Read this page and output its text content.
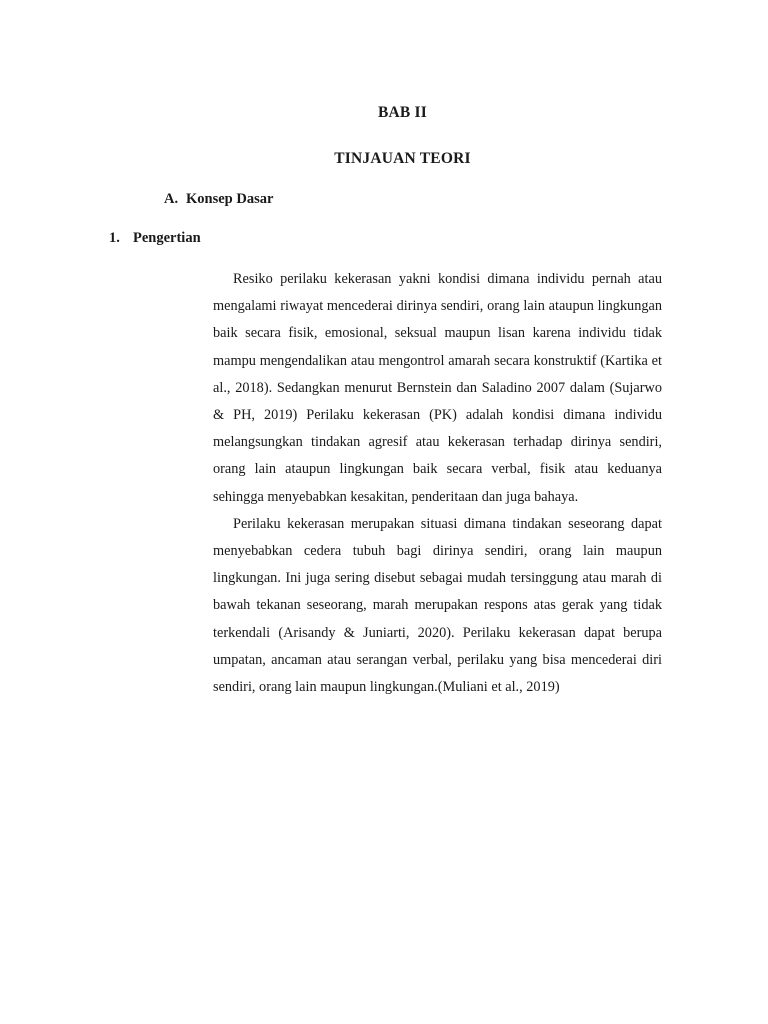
BAB II
TINJAUAN TEORI
A. Konsep Dasar
1. Pengertian

Resiko perilaku kekerasan yakni kondisi dimana individu pernah atau mengalami riwayat mencederai dirinya sendiri, orang lain ataupun lingkungan baik secara fisik, emosional, seksual maupun lisan karena individu tidak mampu mengendalikan atau mengontrol amarah secara konstruktif (Kartika et al., 2018). Sedangkan menurut Bernstein dan Saladino 2007 dalam (Sujarwo & PH, 2019) Perilaku kekerasan (PK) adalah kondisi dimana individu melangsungkan tindakan agresif atau kekerasan terhadap dirinya sendiri, orang lain ataupun lingkungan baik secara verbal, fisik atau keduanya sehingga menyebabkan kesakitan, penderitaan dan juga bahaya.

Perilaku kekerasan merupakan situasi dimana tindakan seseorang dapat menyebabkan cedera tubuh bagi dirinya sendiri, orang lain maupun lingkungan. Ini juga sering disebut sebagai mudah tersinggung atau marah di bawah tekanan seseorang, marah merupakan respons atas gerak yang tidak terkendali (Arisandy & Juniarti, 2020). Perilaku kekerasan dapat berupa umpatan, ancaman atau serangan verbal, perilaku yang bisa mencederai diri sendiri, orang lain maupun lingkungan.(Muliani et al., 2019)
